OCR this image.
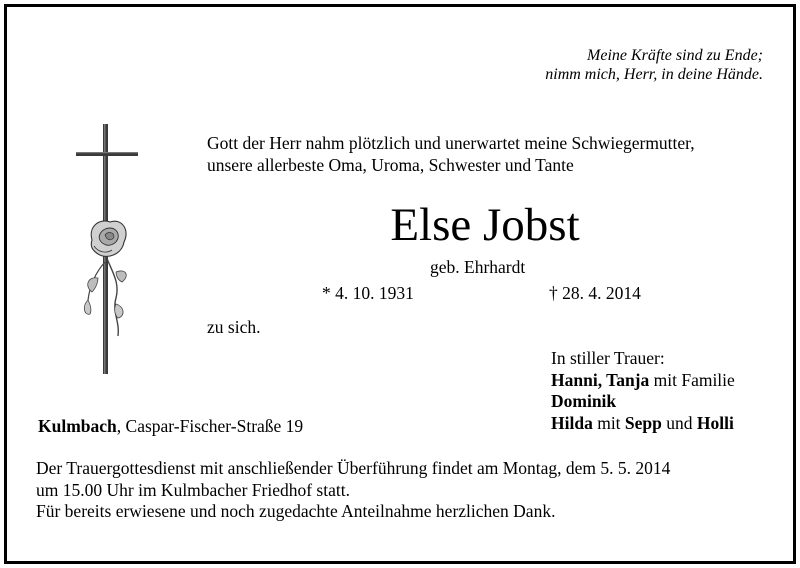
Meine Kräfte sind zu Ende;
nimm mich, Herr, in deine Hände.
Gott der Herr nahm plötzlich und unerwartet meine Schwiegermutter,
unsere allerbeste Oma, Uroma, Schwester und Tante
Else Jobst
geb. Ehrhardt
* 4. 10. 1931	† 28. 4. 2014
zu sich.
In stiller Trauer:
Hanni, Tanja mit Familie
Dominik
Hilda mit Sepp und Holli
Kulmbach, Caspar-Fischer-Straße 19
Der Trauergottesdienst mit anschließender Überführung findet am Montag, dem 5. 5. 2014
um 15.00 Uhr im Kulmbacher Friedhof statt.
Für bereits erwiesene und noch zugedachte Anteilnahme herzlichen Dank.
